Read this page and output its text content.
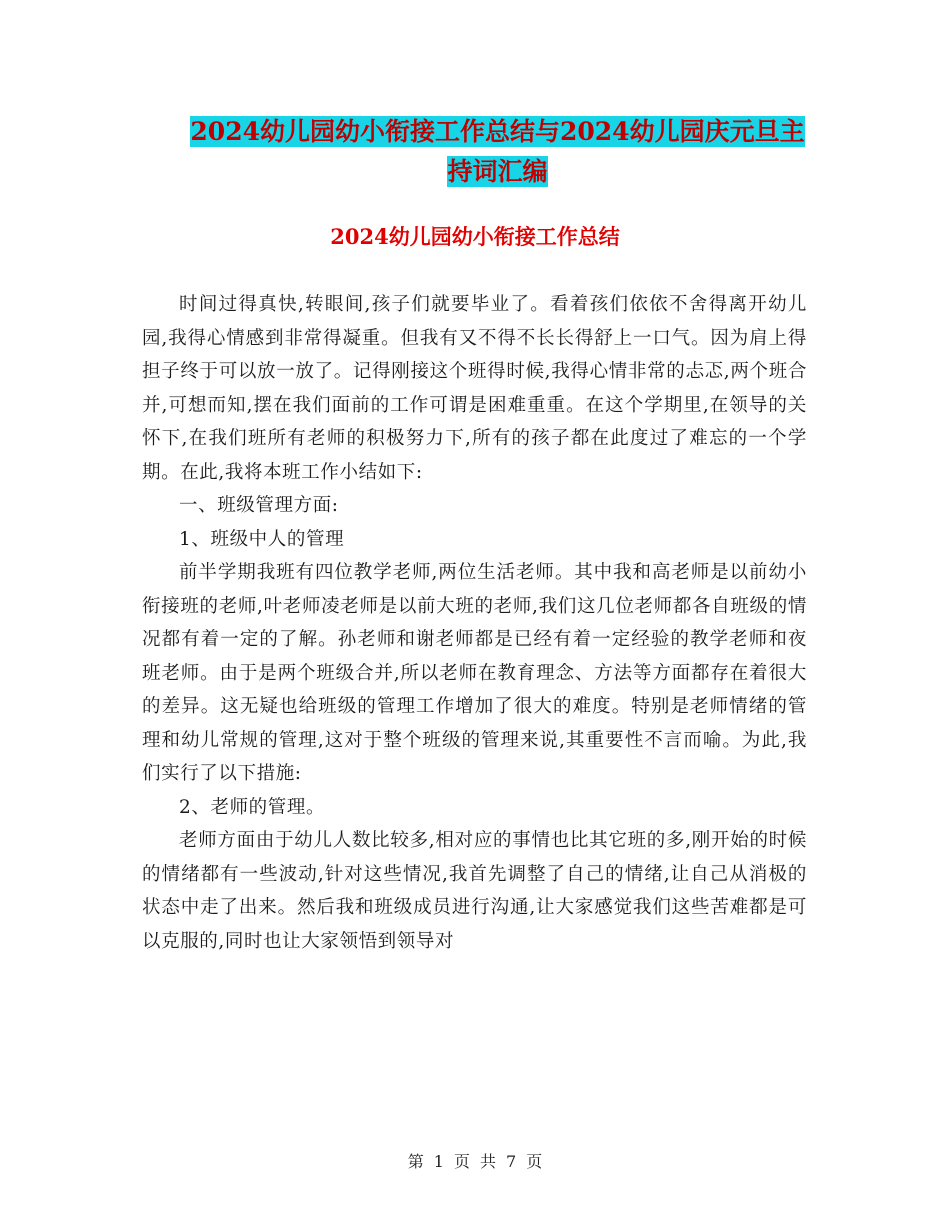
2024幼儿园幼小衔接工作总结与2024幼儿园庆元旦主
持词汇编
2024幼儿园幼小衔接工作总结

时间过得真快,转眼间,孩子们就要毕业了。看着孩们依依不舍得离开幼儿园,我得心情感到非常得凝重。但我有又不得不长长得舒上一口气。因为肩上得担子终于可以放一放了。记得刚接这个班得时候,我得心情非常的忐忑,两个班合并,可想而知,摆在我们面前的工作可谓是困难重重。在这个学期里,在领导的关怀下,在我们班所有老师的积极努力下,所有的孩子都在此度过了难忘的一个学期。在此,我将本班工作小结如下:

一、班级管理方面:

1、班级中人的管理

前半学期我班有四位教学老师,两位生活老师。其中我和高老师是以前幼小衔接班的老师,叶老师凌老师是以前大班的老师,我们这几位老师都各自班级的情况都有着一定的了解。孙老师和谢老师都是已经有着一定经验的教学老师和夜班老师。由于是两个班级合并,所以老师在教育理念、方法等方面都存在着很大的差异。这无疑也给班级的管理工作增加了很大的难度。特别是老师情绪的管理和幼儿常规的管理,这对于整个班级的管理来说,其重要性不言而喻。为此,我们实行了以下措施:

2、老师的管理。

老师方面由于幼儿人数比较多,相对应的事情也比其它班的多,刚开始的时候的情绪都有一些波动,针对这些情况,我首先调整了自己的情绪,让自己从消极的状态中走了出来。然后我和班级成员进行沟通,让大家感觉我们这些苦难都是可以克服的,同时也让大家领悟到领导对

第 1 页 共 7 页
